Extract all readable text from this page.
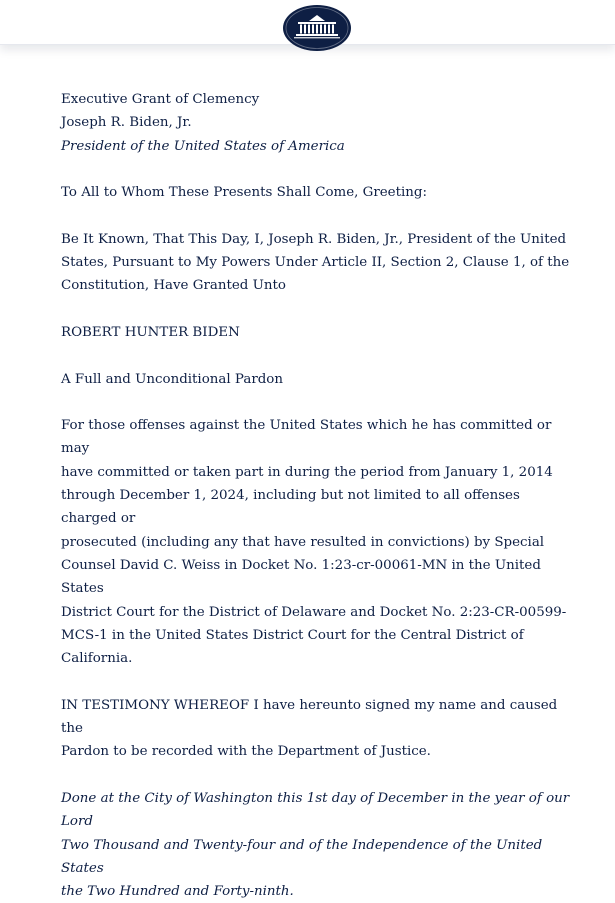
Executive Grant of Clemency

Joseph R. Biden, Jr.

President of the United States of America

To All to Whom These Presents Shall Come, Greeting:

Be It Known, That This Day, I, Joseph R. Biden, Jr., President of the United

States, Pursuant to My Powers Under Article II, Section 2, Clause 1, of the

Constitution, Have Granted Unto

ROBERT HUNTER BIDEN

A Full and Unconditional Pardon

For those offenses against the United States which he has committed or may

have committed or taken part in during the period from January 1, 2014

through December 1, 2024, including but not limited to all offenses charged or

prosecuted (including any that have resulted in convictions) by Special

Counsel David C. Weiss in Docket No. 1:23-cr-00061-MN in the United States

District Court for the District of Delaware and Docket No. 2:23-CR-00599-

MCS-1 in the United States District Court for the Central District of

California.

IN TESTIMONY WHEREOF I have hereunto signed my name and caused the

Pardon to be recorded with the Department of Justice.

Done at the City of Washington this 1st day of December in the year of our Lord

Two Thousand and Twenty-four and of the Independence of the United States

the Two Hundred and Forty-ninth.
